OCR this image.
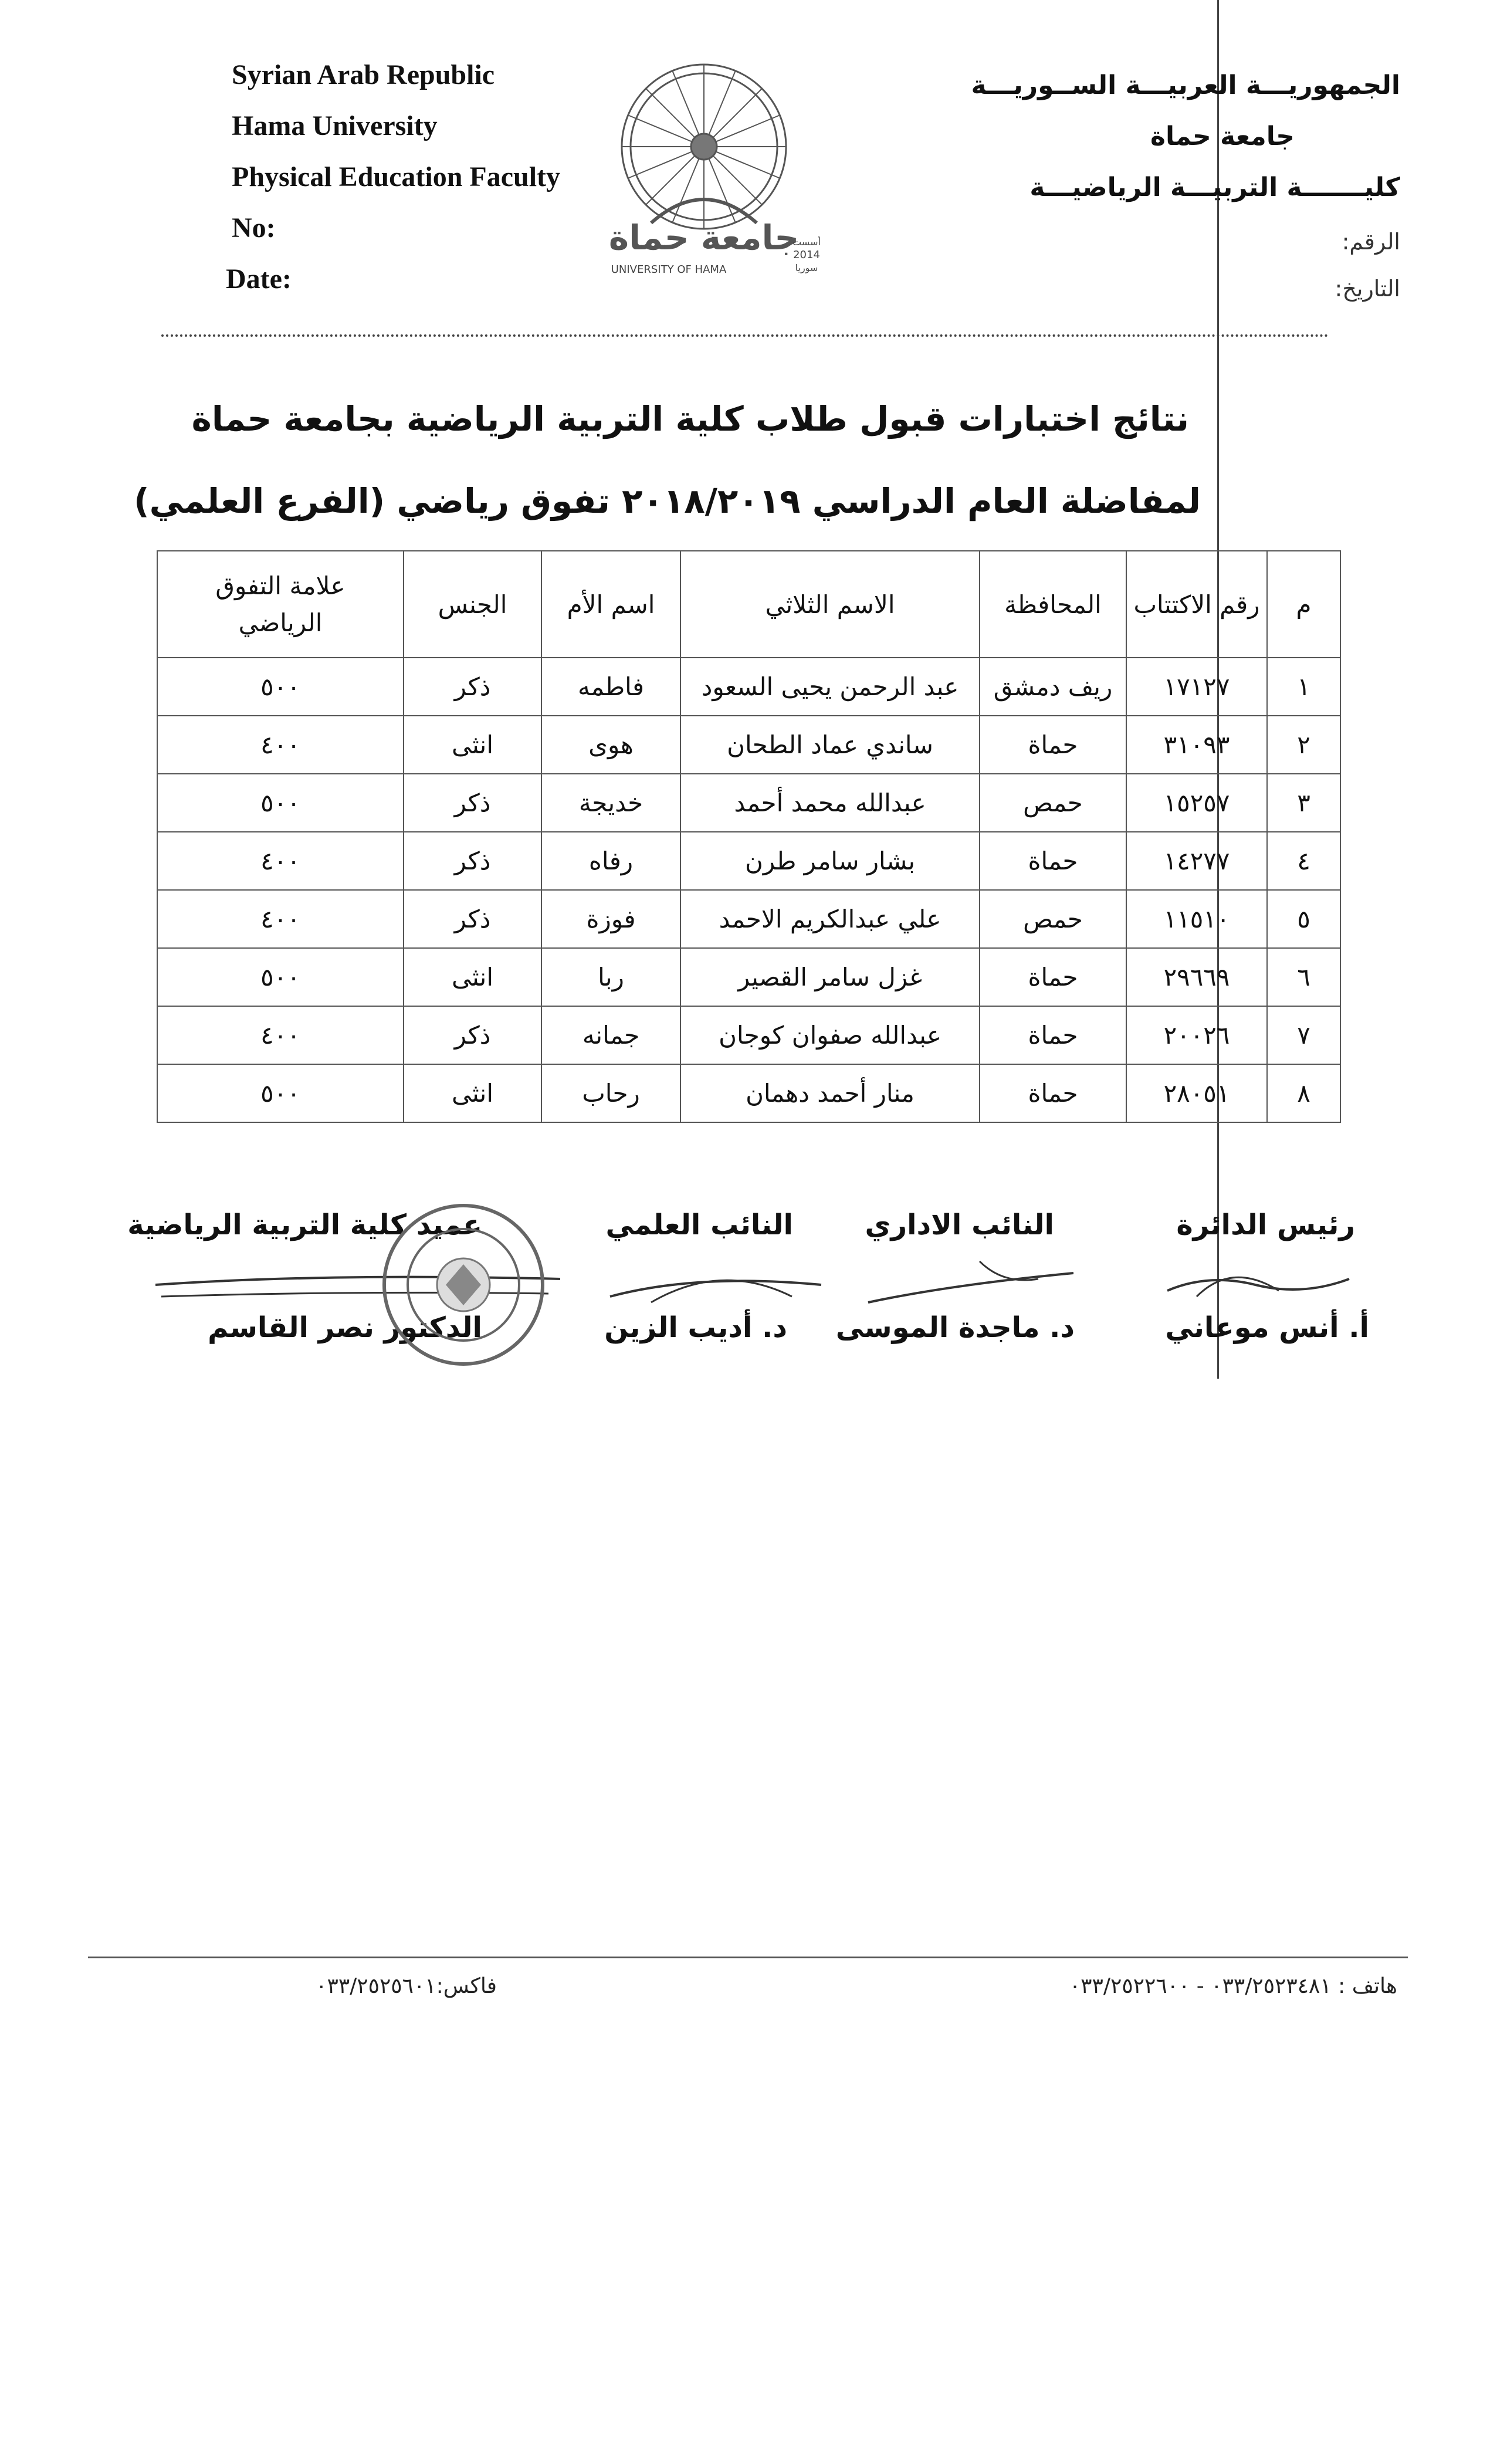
Syrian Arab Republic
Hama University
Physical Education Faculty
No:
Date:
جامعة حماة
UNIVERSITY OF HAMA
أسست
2014
سوريا
الجمهوريـــة العربيـــة الســوريـــة
جامعة حماة
كليـــــــة التربيـــة الرياضيـــة
الرقم:
التاريخ:
نتائج اختبارات قبول طلاب كلية التربية الرياضية بجامعة حماة
لمفاضلة العام الدراسي ٢٠١٨/٢٠١٩ تفوق رياضي (الفرع العلمي)
م	رقم الاكتتاب	المحافظة	الاسم الثلاثي	اسم الأم	الجنس	علامة التفوق الرياضي
١	١٧١٢٧	ريف دمشق	عبد الرحمن يحيى السعود	فاطمه	ذكر	٥٠٠
٢	٣١٠٩٣	حماة	ساندي عماد الطحان	هوى	انثى	٤٠٠
٣	١٥٢٥٧	حمص	عبدالله محمد أحمد	خديجة	ذكر	٥٠٠
٤	١٤٢٧٧	حماة	بشار سامر طرن	رفاه	ذكر	٤٠٠
٥	١١٥١٠	حمص	علي عبدالكريم الاحمد	فوزة	ذكر	٤٠٠
٦	٢٩٦٦٩	حماة	غزل سامر القصير	ربا	انثى	٥٠٠
٧	٢٠٠٢٦	حماة	عبدالله صفوان كوجان	جمانه	ذكر	٤٠٠
٨	٢٨٠٥١	حماة	منار أحمد دهمان	رحاب	انثى	٥٠٠
رئيس الدائرة
أ. أنس موعاني
النائب الاداري
د. ماجدة الموسى
النائب العلمي
د. أديب الزين
عميد كلية التربية الرياضية
الدكتور نصر القاسم
هاتف : ٠٣٣/٢٥٢٣٤٨١ - ٠٣٣/٢٥٢٢٦٠٠
فاكس:٠٣٣/٢٥٢٥٦٠١
